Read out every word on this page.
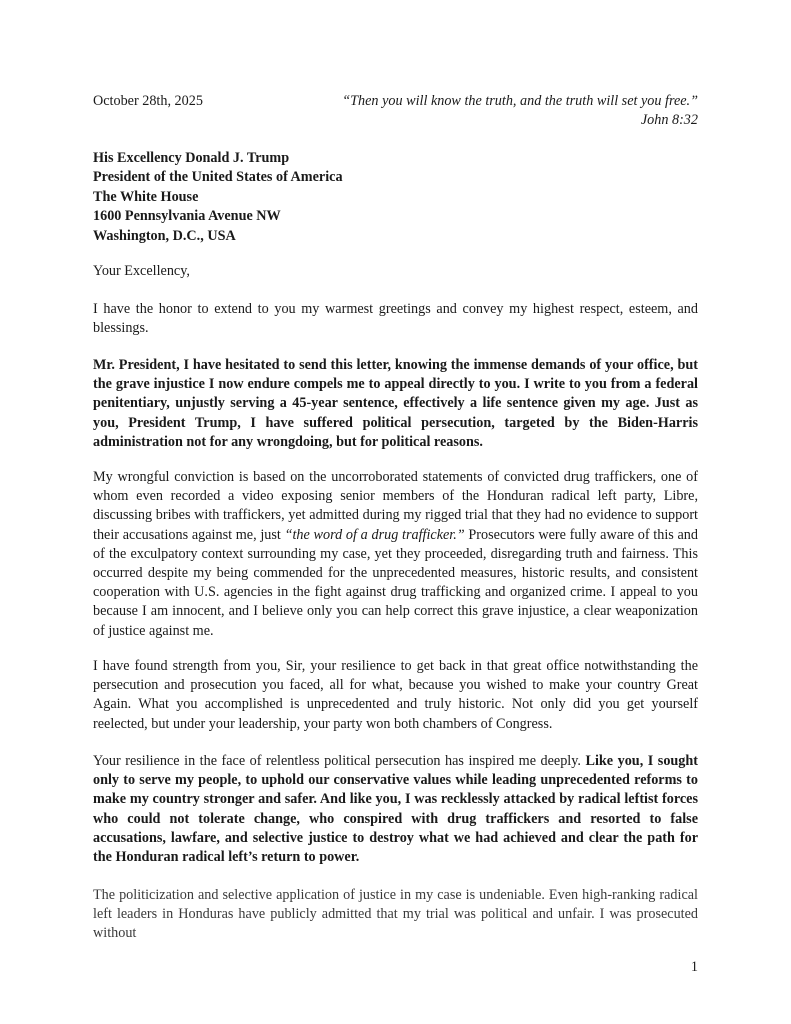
October 28th, 2025	“Then you will know the truth, and the truth will set you free.”
John 8:32
His Excellency Donald J. Trump
President of the United States of America
The White House
1600 Pennsylvania Avenue NW
Washington, D.C., USA
Your Excellency,

I have the honor to extend to you my warmest greetings and convey my highest respect, esteem, and blessings.

Mr. President, I have hesitated to send this letter, knowing the immense demands of your office, but the grave injustice I now endure compels me to appeal directly to you. I write to you from a federal penitentiary, unjustly serving a 45-year sentence, effectively a life sentence given my age. Just as you, President Trump, I have suffered political persecution, targeted by the Biden-Harris administration not for any wrongdoing, but for political reasons.

My wrongful conviction is based on the uncorroborated statements of convicted drug traffickers, one of whom even recorded a video exposing senior members of the Honduran radical left party, Libre, discussing bribes with traffickers, yet admitted during my rigged trial that they had no evidence to support their accusations against me, just “the word of a drug trafficker.” Prosecutors were fully aware of this and of the exculpatory context surrounding my case, yet they proceeded, disregarding truth and fairness. This occurred despite my being commended for the unprecedented measures, historic results, and consistent cooperation with U.S. agencies in the fight against drug trafficking and organized crime. I appeal to you because I am innocent, and I believe only you can help correct this grave injustice, a clear weaponization of justice against me.

I have found strength from you, Sir, your resilience to get back in that great office notwithstanding the persecution and prosecution you faced, all for what, because you wished to make your country Great Again. What you accomplished is unprecedented and truly historic. Not only did you get yourself reelected, but under your leadership, your party won both chambers of Congress.

Your resilience in the face of relentless political persecution has inspired me deeply. Like you, I sought only to serve my people, to uphold our conservative values while leading unprecedented reforms to make my country stronger and safer. And like you, I was recklessly attacked by radical leftist forces who could not tolerate change, who conspired with drug traffickers and resorted to false accusations, lawfare, and selective justice to destroy what we had achieved and clear the path for the Honduran radical left’s return to power.

The politicization and selective application of justice in my case is undeniable. Even high-ranking radical left leaders in Honduras have publicly admitted that my trial was political and unfair. I was prosecuted without

1
